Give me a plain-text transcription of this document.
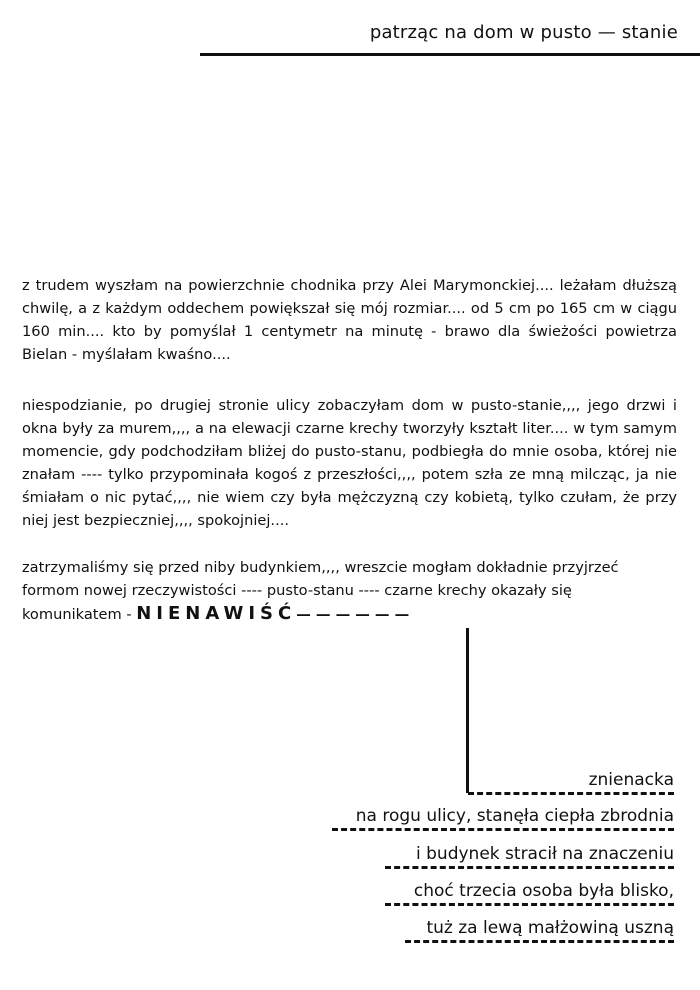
patrząc na dom w pusto — stanie

z trudem wyszłam na powierzchnie chodnika przy Alei Marymonckiej.... leżałam dłuższą chwilę, a z każdym oddechem powiększał się mój rozmiar.... od 5 cm po 165 cm w ciągu 160 min.... kto by pomyślał 1 centymetr na minutę - brawo dla świeżości powietrza Bielan - myślałam kwaśno....

niespodzianie, po drugiej stronie ulicy zobaczyłam dom w pusto-stanie,,,, jego drzwi i okna były za murem,,,, a na elewacji czarne krechy tworzyły kształt liter.... w tym samym momencie, gdy podchodziłam bliżej do pusto-stanu, podbiegła do mnie osoba, której nie znałam ---- tylko przypominała kogoś z przeszłości,,,, potem szła ze mną milcząc, ja nie śmiałam o nic pytać,,,, nie wiem czy była mężczyzną czy kobietą, tylko czułam, że przy niej jest bezpieczniej,,,, spokojniej....

zatrzymaliśmy się przed niby budynkiem,,,, wreszcie mogłam dokładnie przyjrzeć
formom nowej rzeczywistości ---- pusto-stanu ---- czarne krechy okazały się
komunikatem - NIENAWIŚĆ— — — — — —

znienacka
na rogu ulicy, stanęła ciepła zbrodnia
i budynek stracił na znaczeniu
choć trzecia osoba była blisko,
tuż za lewą małżowiną uszną
